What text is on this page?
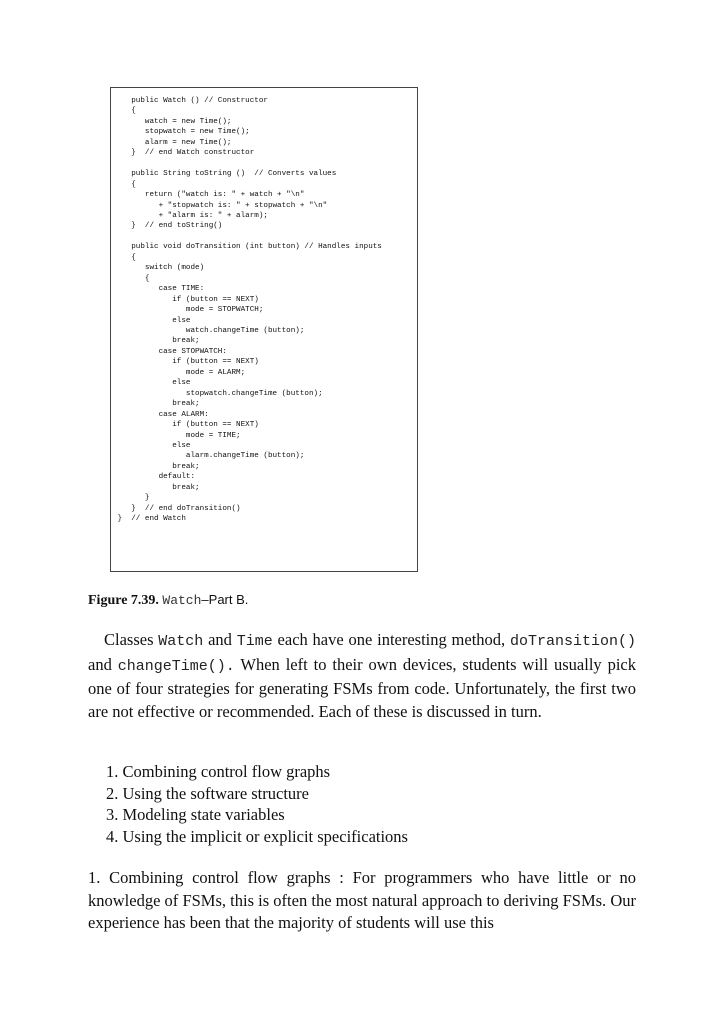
public Watch () // Constructor
{
watch = new Time();
stopwatch = new Time();
alarm = new Time();
}  // end Watch constructor

public String toString ()  // Converts values
{
return ("watch is: " + watch + "\n"
+ "stopwatch is: " + stopwatch + "\n"
+ "alarm is: " + alarm);
}  // end toString()

public void doTransition (int button) // Handles inputs
{
switch (mode)
{
case TIME:
if (button == NEXT)
mode = STOPWATCH;
else
watch.changeTime (button);
break;
case STOPWATCH:
if (button == NEXT)
mode = ALARM;
else
stopwatch.changeTime (button);
break;
case ALARM:
if (button == NEXT)
mode = TIME;
else
alarm.changeTime (button);
break;
default:
break;
}
}  // end doTransition()
}  // end Watch
Figure 7.39. Watch–Part B.

Classes Watch and Time each have one interesting method, doTransition() and changeTime(). When left to their own devices, students will usually pick one of four strategies for generating FSMs from code. Unfortunately, the first two are not effective or recommended. Each of these is discussed in turn.

1. Combining control flow graphs
2. Using the software structure
3. Modeling state variables
4. Using the implicit or explicit specifications

1. Combining control flow graphs : For programmers who have little or no knowledge of FSMs, this is often the most natural approach to deriving FSMs. Our experience has been that the majority of students will use this
